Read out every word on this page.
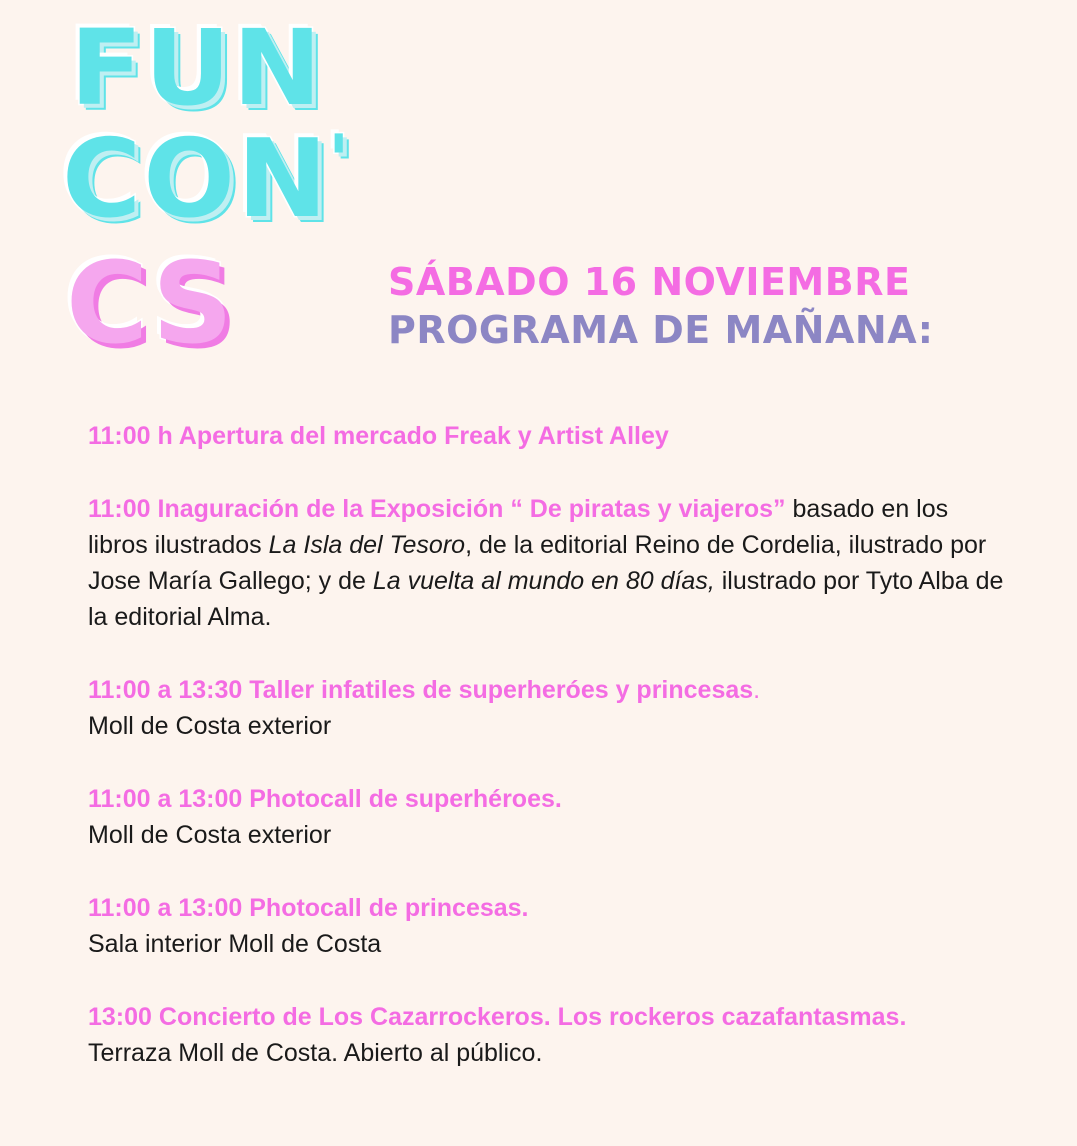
FUN
CON
'
CS	SÁBADO 16 NOVIEMBRE
PROGRAMA DE MAÑANA:
11:00 h Apertura del mercado Freak y Artist Alley
11:00 Inaguración de la Exposición “ De piratas y viajeros” basado en los libros ilustrados La Isla del Tesoro, de la editorial Reino de Cordelia, ilustrado por Jose María Gallego; y de La vuelta al mundo en 80 días, ilustrado por Tyto Alba de la editorial Alma.
11:00 a 13:30 Taller infatiles de superheróes y princesas.
Moll de Costa exterior
11:00 a 13:00 Photocall de superhéroes.
Moll de Costa exterior
11:00 a 13:00 Photocall de princesas.
Sala interior Moll de Costa
13:00 Concierto de Los Cazarrockeros. Los rockeros cazafantasmas.
Terraza Moll de Costa. Abierto al público.
